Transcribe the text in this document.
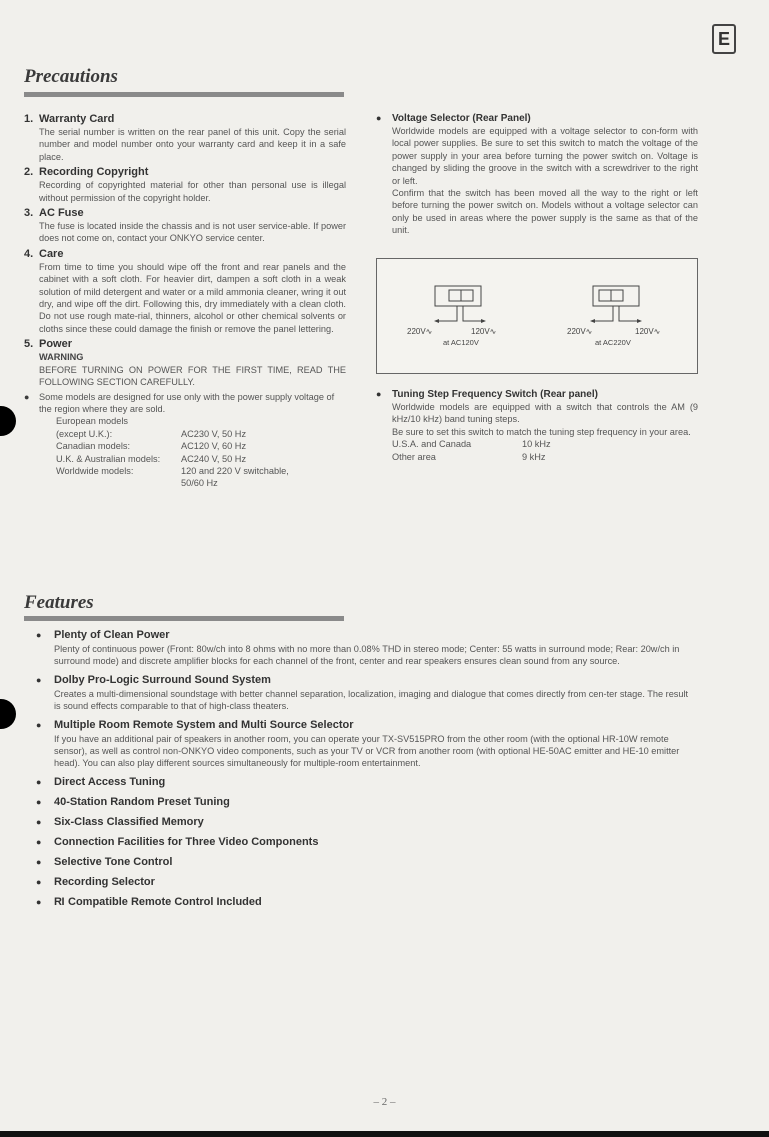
E
Precautions
1. Warranty Card
The serial number is written on the rear panel of this unit. Copy the serial number and model number onto your warranty card and keep it in a safe place.
2. Recording Copyright
Recording of copyrighted material for other than personal use is illegal without permission of the copyright holder.
3. AC Fuse
The fuse is located inside the chassis and is not user service-able. If power does not come on, contact your ONKYO service center.
4. Care
From time to time you should wipe off the front and rear panels and the cabinet with a soft cloth. For heavier dirt, dampen a soft cloth in a weak solution of mild detergent and water or a mild ammonia cleaner, wring it out dry, and wipe off the dirt. Following this, dry immediately with a clean cloth. Do not use rough mate-rial, thinners, alcohol or other chemical solvents or cloths since these could damage the finish or remove the panel lettering.
5. Power
WARNING
BEFORE TURNING ON POWER FOR THE FIRST TIME, READ THE FOLLOWING SECTION CAREFULLY.
●	Some models are designed for use only with the power supply voltage of the region where they are sold.
European models
(except U.K.):	AC230 V, 50 Hz
Canadian models:	AC120 V, 60 Hz
U.K. & Australian models:	AC240 V, 50 Hz
Worldwide models:	120 and 220 V switchable,
50/60 Hz
●	Voltage Selector (Rear Panel)
Worldwide models are equipped with a voltage selector to con-form with local power supplies. Be sure to set this switch to match the voltage of the power supply in your area before turning the power switch on. Voltage is changed by sliding the groove in the switch with a screwdriver to the right or left.
Confirm that the switch has been moved all the way to the right or left before turning the power switch on. Models without a voltage selector can only be used in areas where the power supply is the same as that of the unit.
220V∿	120V∿
at AC120V
220V∿	120V∿
at AC220V
●	Tuning Step Frequency Switch (Rear panel)
Worldwide models are equipped with a switch that controls the AM (9 kHz/10 kHz) band tuning steps.
Be sure to set this switch to match the tuning step frequency in your area.
U.S.A. and Canada	10 kHz
Other area	9 kHz
Features
●	Plenty of Clean Power
Plenty of continuous power (Front: 80w/ch into 8 ohms with no more than 0.08% THD in stereo mode; Center: 55 watts in surround mode; Rear: 20w/ch in surround mode) and discrete amplifier blocks for each channel of the front, center and rear speakers ensures clean sound from any source.
●	Dolby Pro-Logic Surround Sound System
Creates a multi-dimensional soundstage with better channel separation, localization, imaging and dialogue that comes directly from cen-ter stage. The result is sound effects comparable to that of high-class theaters.
●	Multiple Room Remote System and Multi Source Selector
If you have an additional pair of speakers in another room, you can operate your TX-SV515PRO from the other room (with the optional HR-10W remote sensor), as well as control non-ONKYO video components, such as your TV or VCR from another room (with optional HE-50AC emitter and HE-10 emitter head). You can also play different sources simultaneously for multiple-room entertainment.
●	Direct Access Tuning
●	40-Station Random Preset Tuning
●	Six-Class Classified Memory
●	Connection Facilities for Three Video Components
●	Selective Tone Control
●	Recording Selector
●	RI Compatible Remote Control Included
– 2 –
